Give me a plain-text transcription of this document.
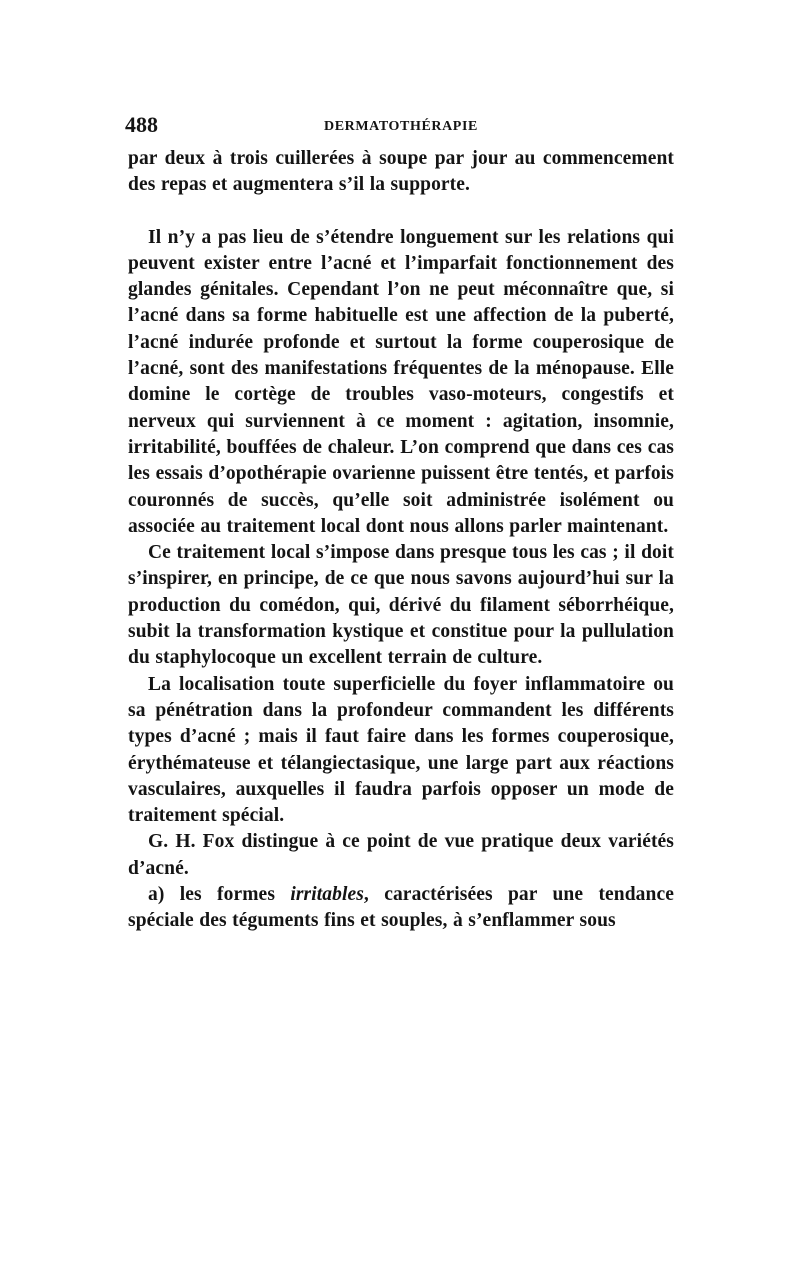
488	DERMATOTHÉRAPIE

par deux à trois cuillerées à soupe par jour au commencement des repas et augmentera s’il la supporte.

Il n’y a pas lieu de s’étendre longuement sur les relations qui peuvent exister entre l’acné et l’imparfait fonctionnement des glandes génitales. Cependant l’on ne peut méconnaître que, si l’acné dans sa forme habituelle est une affection de la puberté, l’acné indurée profonde et surtout la forme couperosique de l’acné, sont des manifestations fréquentes de la ménopause. Elle domine le cortège de troubles vaso-moteurs, congestifs et nerveux qui surviennent à ce moment : agitation, insomnie, irritabilité, bouffées de chaleur. L’on comprend que dans ces cas les essais d’opothérapie ovarienne puissent être tentés, et parfois couronnés de succès, qu’elle soit administrée isolément ou associée au traitement local dont nous allons parler maintenant.

Ce traitement local s’impose dans presque tous les cas ; il doit s’inspirer, en principe, de ce que nous savons aujourd’hui sur la production du comédon, qui, dérivé du filament séborrhéique, subit la transformation kystique et constitue pour la pullulation du staphylocoque un excellent terrain de culture.

La localisation toute superficielle du foyer inflammatoire ou sa pénétration dans la profondeur commandent les différents types d’acné ; mais il faut faire dans les formes couperosique, érythémateuse et télangiectasique, une large part aux réactions vasculaires, auxquelles il faudra parfois opposer un mode de traitement spécial.

G. H. Fox distingue à ce point de vue pratique deux variétés d’acné.

a) les formes irritables, caractérisées par une tendance spéciale des téguments fins et souples, à s’enflammer sous
